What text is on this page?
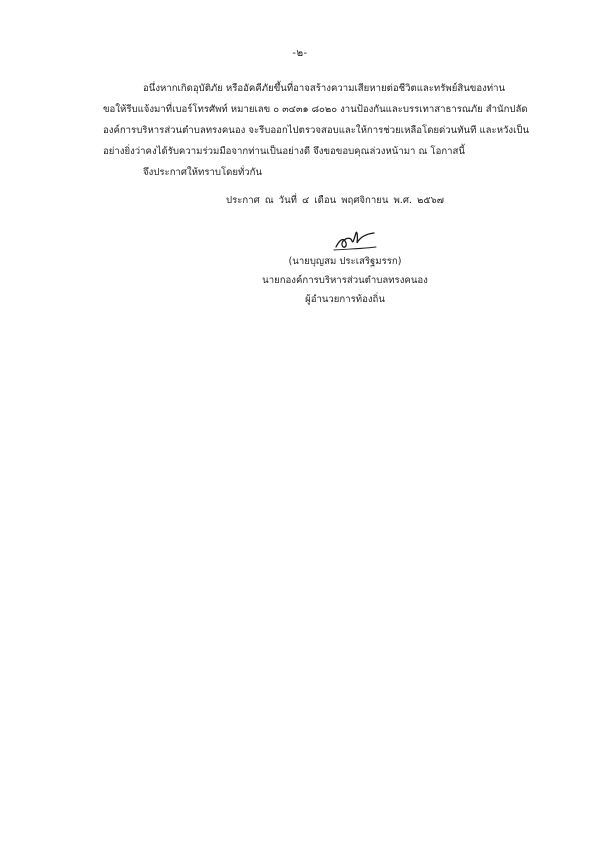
-๒-
อนึ่งหากเกิดอุบัติภัย หรืออัคคีภัยขึ้นที่อาจสร้างความเสียหายต่อชีวิตและทรัพย์สินของท่าน
ขอให้รีบแจ้งมาที่เบอร์โทรศัพท์ หมายเลข ๐ ๓๔๓๑ ๘๐๒๐ งานป้องกันและบรรเทาสาธารณภัย สำนักปลัด
องค์การบริหารส่วนตำบลทรงคนอง จะรีบออกไปตรวจสอบและให้การช่วยเหลือโดยด่วนทันที และหวังเป็น
อย่างยิ่งว่าคงได้รับความร่วมมือจากท่านเป็นอย่างดี จึงขอขอบคุณล่วงหน้ามา ณ โอกาสนี้
จึงประกาศให้ทราบโดยทั่วกัน
ประกาศ ณ วันที่ ๔ เดือน พฤศจิกายน พ.ศ. ๒๕๖๗
(นายบุญสม ประเสริฐมรรก)
นายกองค์การบริหารส่วนตำบลทรงคนอง
ผู้อำนวยการท้องถิ่น
